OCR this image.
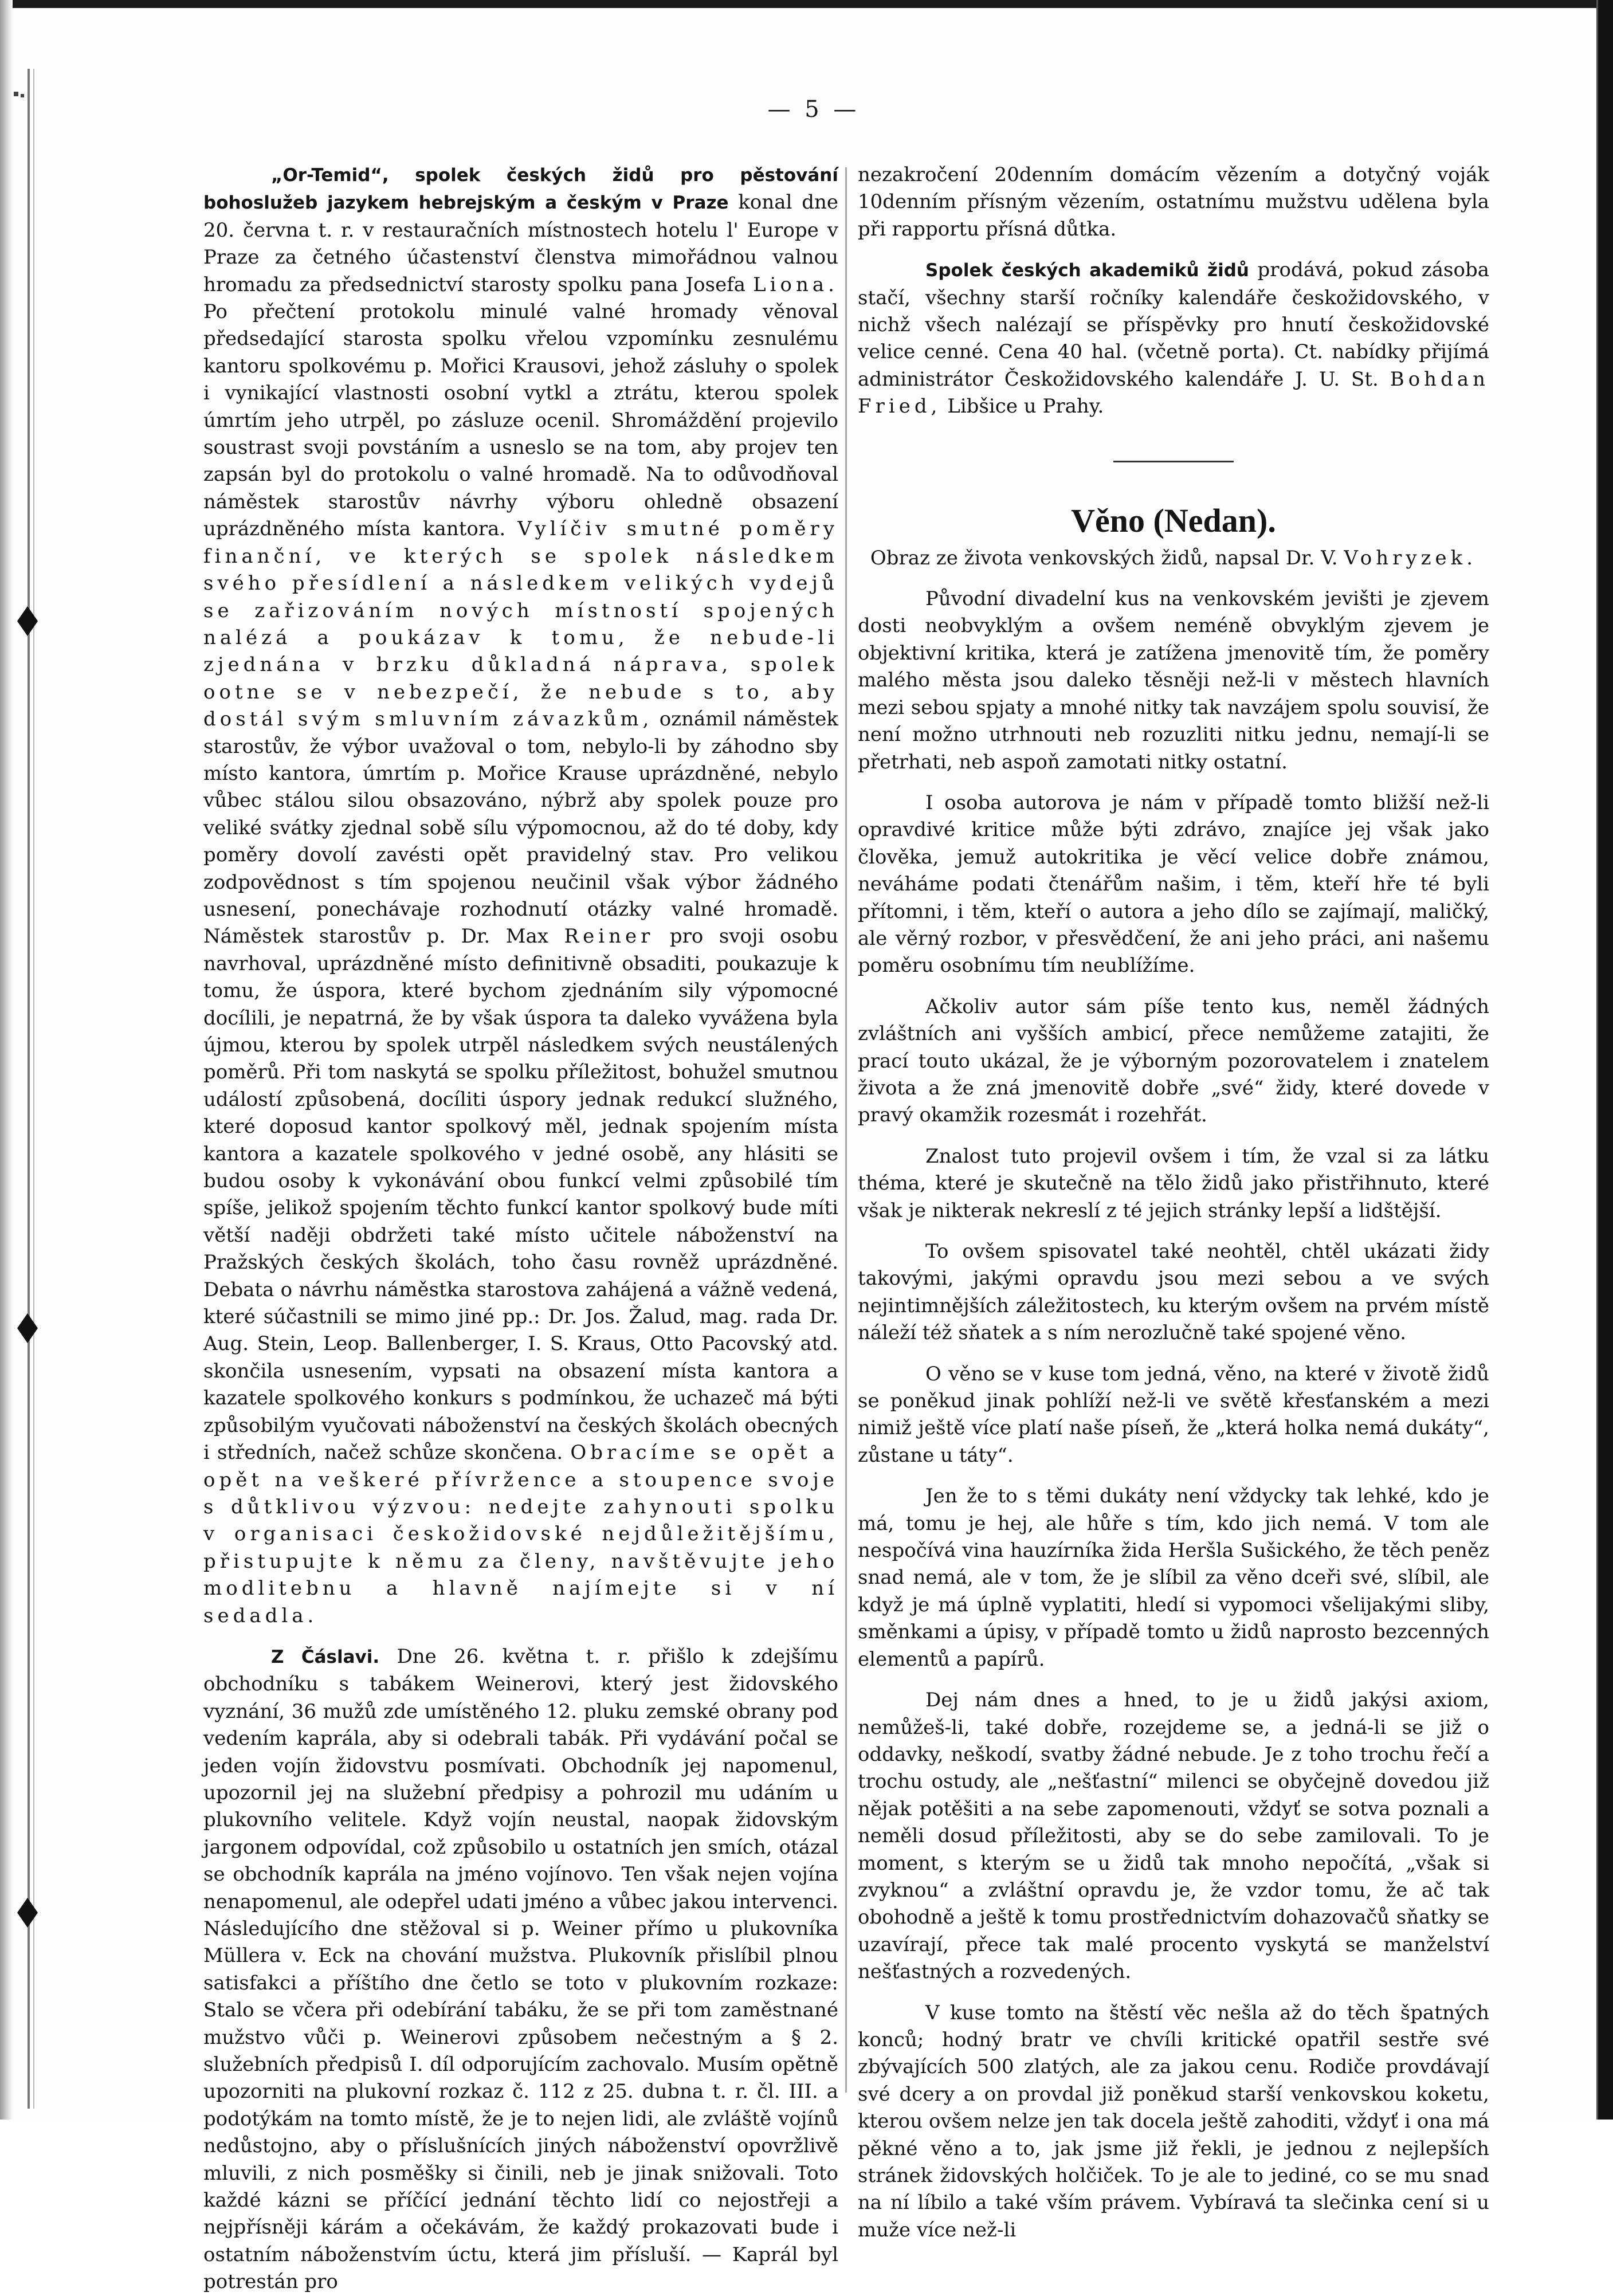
— 5 —

„Or-Temid“, spolek českých židů pro pěstování bohoslužeb jazykem hebrejským a českým v Praze konal dne 20. června t. r. v restauračních místnostech hotelu l' Europe v Praze za četného účastenství členstva mimořádnou valnou hromadu za předsednictví starosty spolku pana Josefa Liona. Po přečtení protokolu minulé valné hromady věnoval předsedající starosta spolku vřelou vzpomínku zesnulému kantoru spolkovému p. Mořici Krausovi, jehož zásluhy o spolek i vynikající vlastnosti osobní vytkl a ztrátu, kterou spolek úmrtím jeho utrpěl, po zásluze ocenil. Shromáždění projevilo soustrast svoji povstáním a usneslo se na tom, aby projev ten zapsán byl do protokolu o valné hromadě. Na to odůvodňoval náměstek starostův návrhy výboru ohledně obsazení uprázdněného místa kantora. Vylíčiv smutné poměry finanční, ve kterých se spolek následkem svého přesídlení a následkem velikých vydejů se zařizováním nových místností spojených nalézá a poukázav k tomu, že nebude-li zjednána v brzku důkladná náprava, spolek ootne se v nebezpečí, že nebude s to, aby dostál svým smluvním závazkům, oznámil náměstek starostův, že výbor uvažoval o tom, nebylo-li by záhodno sby místo kantora, úmrtím p. Mořice Krause uprázdněné, nebylo vůbec stálou silou obsazováno, nýbrž aby spolek pouze pro veliké svátky zjednal sobě sílu výpomocnou, až do té doby, kdy poměry dovolí zavésti opět pravidelný stav. Pro velikou zodpovědnost s tím spojenou neučinil však výbor žádného usnesení, ponechávaje rozhodnutí otázky valné hromadě. Náměstek starostův p. Dr. Max Reiner pro svoji osobu navrhoval, uprázdněné místo definitivně obsaditi, poukazuje k tomu, že úspora, které bychom zjednáním sily výpomocné docílili, je nepatrná, že by však úspora ta daleko vyvážena byla újmou, kterou by spolek utrpěl následkem svých neustálených poměrů. Při tom naskytá se spolku příležitost, bohužel smutnou událostí způsobená, docíliti úspory jednak redukcí služného, které doposud kantor spolkový měl, jednak spojením místa kantora a kazatele spolkového v jedné osobě, any hlásiti se budou osoby k vykonávání obou funkcí velmi způsobilé tím spíše, jelikož spojením těchto funkcí kantor spolkový bude míti větší naději obdržeti také místo učitele náboženství na Pražských českých školách, toho času rovněž uprázdněné. Debata o návrhu náměstka starostova zahájená a vážně vedená, které súčastnili se mimo jiné pp.: Dr. Jos. Žalud, mag. rada Dr. Aug. Stein, Leop. Ballenberger, I. S. Kraus, Otto Pacovský atd. skončila usnesením, vypsati na obsazení místa kantora a kazatele spolkového konkurs s podmínkou, že uchazeč má býti způsobilým vyučovati náboženství na českých školách obecných i středních, načež schůze skončena. Obracíme se opět a opět na veškeré přívržence a stoupence svoje s důtklivou výzvou: nedejte zahynouti spolku v organisaci českožidovské nejdůležitějšímu, přistupujte k němu za členy, navštěvujte jeho modlitebnu a hlavně najímejte si v ní sedadla.

Z Čáslavi. Dne 26. května t. r. přišlo k zdejšímu obchodníku s tabákem Weinerovi, který jest židovského vyznání, 36 mužů zde umístěného 12. pluku zemské obrany pod vedením kaprála, aby si odebrali tabák. Při vydávání počal se jeden vojín židovstvu posmívati. Obchodník jej napomenul, upozornil jej na služební předpisy a pohrozil mu udáním u plukovního velitele. Když vojín neustal, naopak židovským jargonem odpovídal, což způsobilo u ostatních jen smích, otázal se obchodník kaprála na jméno vojínovo. Ten však nejen vojína nenapomenul, ale odepřel udati jméno a vůbec jakou intervenci. Následujícího dne stěžoval si p. Weiner přímo u plukovníka Müllera v. Eck na chování mužstva. Plukovník přislíbil plnou satisfakci a příštího dne četlo se toto v plukovním rozkaze: Stalo se včera při odebírání tabáku, že se při tom zaměstnané mužstvo vůči p. Weinerovi způsobem nečestným a § 2. služebních předpisů I. díl odporujícím zachovalo. Musím opětně upozorniti na plukovní rozkaz č. 112 z 25. dubna t. r. čl. III. a podotýkám na tomto místě, že je to nejen lidi, ale zvláště vojínů nedůstojno, aby o příslušnících jiných náboženství opovržlivě mluvili, z nich posměšky si činili, neb je jinak snižovali. Toto každé kázni se příčící jednání těchto lidí co nejostřeji a nejpřísněji kárám a očekávám, že každý prokazovati bude i ostatním náboženstvím úctu, která jim přísluší. — Kaprál byl potrestán pro

nezakročení 20denním domácím vězením a dotyčný voják 10denním přísným vězením, ostatnímu mužstvu udělena byla při rapportu přísná důtka.

Spolek českých akademiků židů prodává, pokud zásoba stačí, všechny starší ročníky kalendáře českožidovského, v nichž všech nalézají se příspěvky pro hnutí českožidovské velice cenné. Cena 40 hal. (včetně porta). Ct. nabídky přijímá administrátor Českožidovského kalendáře J. U. St. Bohdan Fried, Libšice u Prahy.

Věno (Nedan).

Obraz ze života venkovských židů, napsal Dr. V. Vohryzek.

Původní divadelní kus na venkovském jevišti je zjevem dosti neobvyklým a ovšem neméně obvyklým zjevem je objektivní kritika, která je zatížena jmenovitě tím, že poměry malého města jsou daleko těsněji než-li v městech hlavních mezi sebou spjaty a mnohé nitky tak navzájem spolu souvisí, že není možno utrhnouti neb rozuzliti nitku jednu, nemají-li se přetrhati, neb aspoň zamotati nitky ostatní.

I osoba autorova je nám v případě tomto bližší než-li opravdivé kritice může býti zdrávo, znajíce jej však jako člověka, jemuž autokritika je věcí velice dobře známou, neváháme podati čtenářům našim, i těm, kteří hře té byli přítomni, i těm, kteří o autora a jeho dílo se zajímají, maličký, ale věrný rozbor, v přesvědčení, že ani jeho práci, ani našemu poměru osobnímu tím neublížíme.

Ačkoliv autor sám píše tento kus, neměl žádných zvláštních ani vyšších ambicí, přece nemůžeme zatajiti, že prací touto ukázal, že je výborným pozorovatelem i znatelem života a že zná jmenovitě dobře „své“ židy, které dovede v pravý okamžik rozesmát i rozehřát.

Znalost tuto projevil ovšem i tím, že vzal si za látku théma, které je skutečně na tělo židů jako přistřihnuto, které však je nikterak nekreslí z té jejich stránky lepší a lidštější.

To ovšem spisovatel také neohtěl, chtěl ukázati židy takovými, jakými opravdu jsou mezi sebou a ve svých nejintimnějších záležitostech, ku kterým ovšem na prvém místě náleží též sňatek a s ním nerozlučně také spojené věno.

O věno se v kuse tom jedná, věno, na které v životě židů se poněkud jinak pohlíží než-li ve světě křesťanském a mezi nimiž ještě více platí naše píseň, že „která holka nemá dukáty“, zůstane u táty“.

Jen že to s těmi dukáty není vždycky tak lehké, kdo je má, tomu je hej, ale hůře s tím, kdo jich nemá. V tom ale nespočívá vina hauzírníka žida Heršla Sušického, že těch peněz snad nemá, ale v tom, že je slíbil za věno dceři své, slíbil, ale když je má úplně vyplatiti, hledí si vypomoci všelijakými sliby, směnkami a úpisy, v případě tomto u židů naprosto bezcenných elementů a papírů.

Dej nám dnes a hned, to je u židů jakýsi axiom, nemůžeš-li, také dobře, rozejdeme se, a jedná-li se již o oddavky, neškodí, svatby žádné nebude. Je z toho trochu řečí a trochu ostudy, ale „nešťastní“ milenci se obyčejně dovedou již nějak potěšiti a na sebe zapomenouti, vždyť se sotva poznali a neměli dosud příležitosti, aby se do sebe zamilovali. To je moment, s kterým se u židů tak mnoho nepočítá, „však si zvyknou“ a zvláštní opravdu je, že vzdor tomu, že ač tak obohodně a ještě k tomu prostřednictvím dohazovačů sňatky se uzavírají, přece tak malé procento vyskytá se manželství nešťastných a rozvedených.

V kuse tomto na štěstí věc nešla až do těch špatných konců; hodný bratr ve chvíli kritické opatřil sestře své zbývajících 500 zlatých, ale za jakou cenu. Rodiče provdávají své dcery a on provdal již poněkud starší venkovskou koketu, kterou ovšem nelze jen tak docela ještě zahoditi, vždyť i ona má pěkné věno a to, jak jsme již řekli, je jednou z nejlepších stránek židovských holčiček. To je ale to jediné, co se mu snad na ní líbilo a také vším právem. Vybíravá ta slečinka cení si u muže více než-li
